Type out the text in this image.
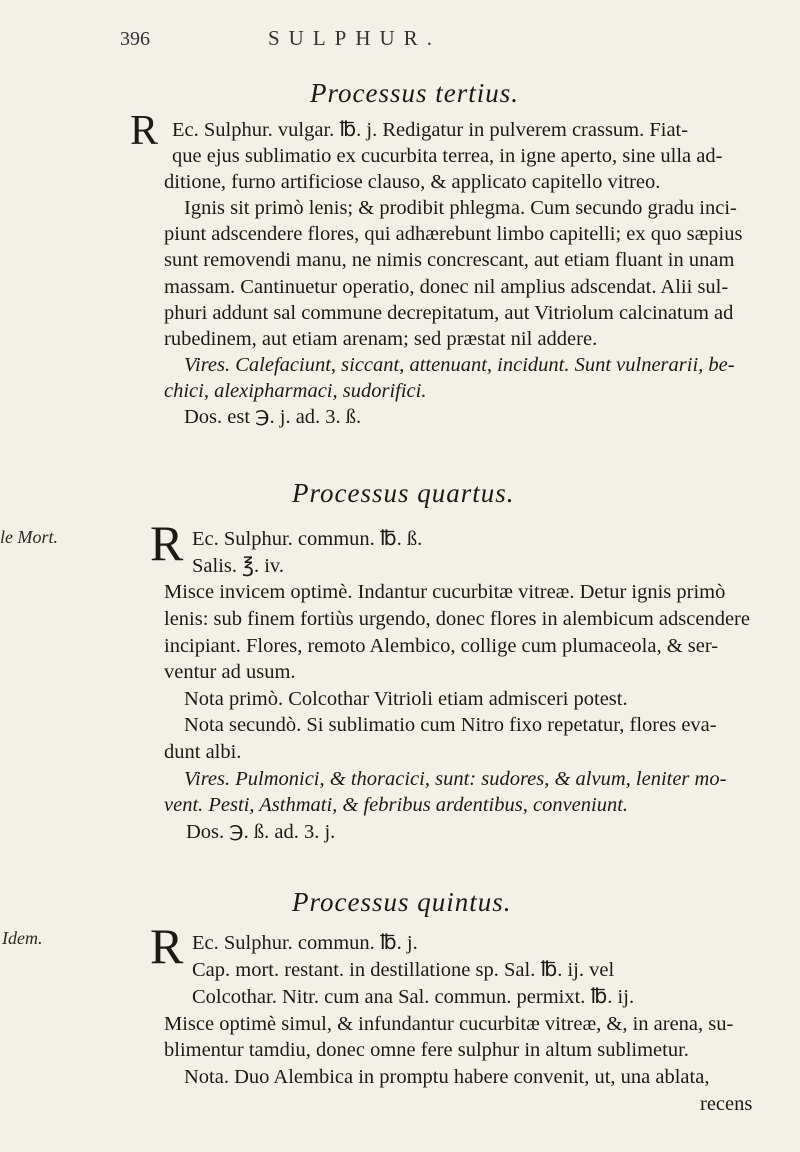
396	SULPHUR.
Processus tertius.
R Ec. Sulphur. vulgar. ℔. j. Redigatur in pulverem crassum. Fiat-
que ejus sublimatio ex cucurbita terrea, in igne aperto, sine ulla ad-
ditione, furno artificiose clauso, & applicato capitello vitreo.
Ignis sit primò lenis; & prodibit phlegma. Cum secundo gradu inci-
piunt adscendere flores, qui adhærebunt limbo capitelli; ex quo sæpius
sunt removendi manu, ne nimis concrescant, aut etiam fluant in unam
massam. Cantinuetur operatio, donec nil amplius adscendat. Alii sul-
phuri addunt sal commune decrepitatum, aut Vitriolum calcinatum ad
rubedinem, aut etiam arenam; sed præstat nil addere.
Vires. Calefaciunt, siccant, attenuant, incidunt. Sunt vulnerarii, be-
chici, alexipharmaci, sudorifici.
Dos. est ℈. j. ad. 3. ß.
Processus quartus.
le Mort. R Ec. Sulphur. commun. ℔. ß.
Salis. ℥. iv.
Misce invicem optimè. Indantur cucurbitæ vitreæ. Detur ignis primò
lenis: sub finem fortiùs urgendo, donec flores in alembicum adscendere
incipiant. Flores, remoto Alembico, collige cum plumaceola, & ser-
ventur ad usum.
Nota primò. Colcothar Vitrioli etiam admisceri potest.
Nota secundò. Si sublimatio cum Nitro fixo repetatur, flores eva-
dunt albi.
Vires. Pulmonici, & thoracici, sunt: sudores, & alvum, leniter mo-
vent. Pesti, Asthmati, & febribus ardentibus, conveniunt.
Dos. ℈. ß. ad. 3. j.
Processus quintus.
Idem. R Ec. Sulphur. commun. ℔. j.
Cap. mort. restant. in destillatione sp. Sal. ℔. ij. vel
Colcothar. Nitr. cum ana Sal. commun. permixt. ℔. ij.
Misce optimè simul, & infundantur cucurbitæ vitreæ, &, in arena, su-
blimentur tamdiu, donec omne fere sulphur in altum sublimetur.
Nota. Duo Alembica in promptu habere convenit, ut, una ablata,
recens
